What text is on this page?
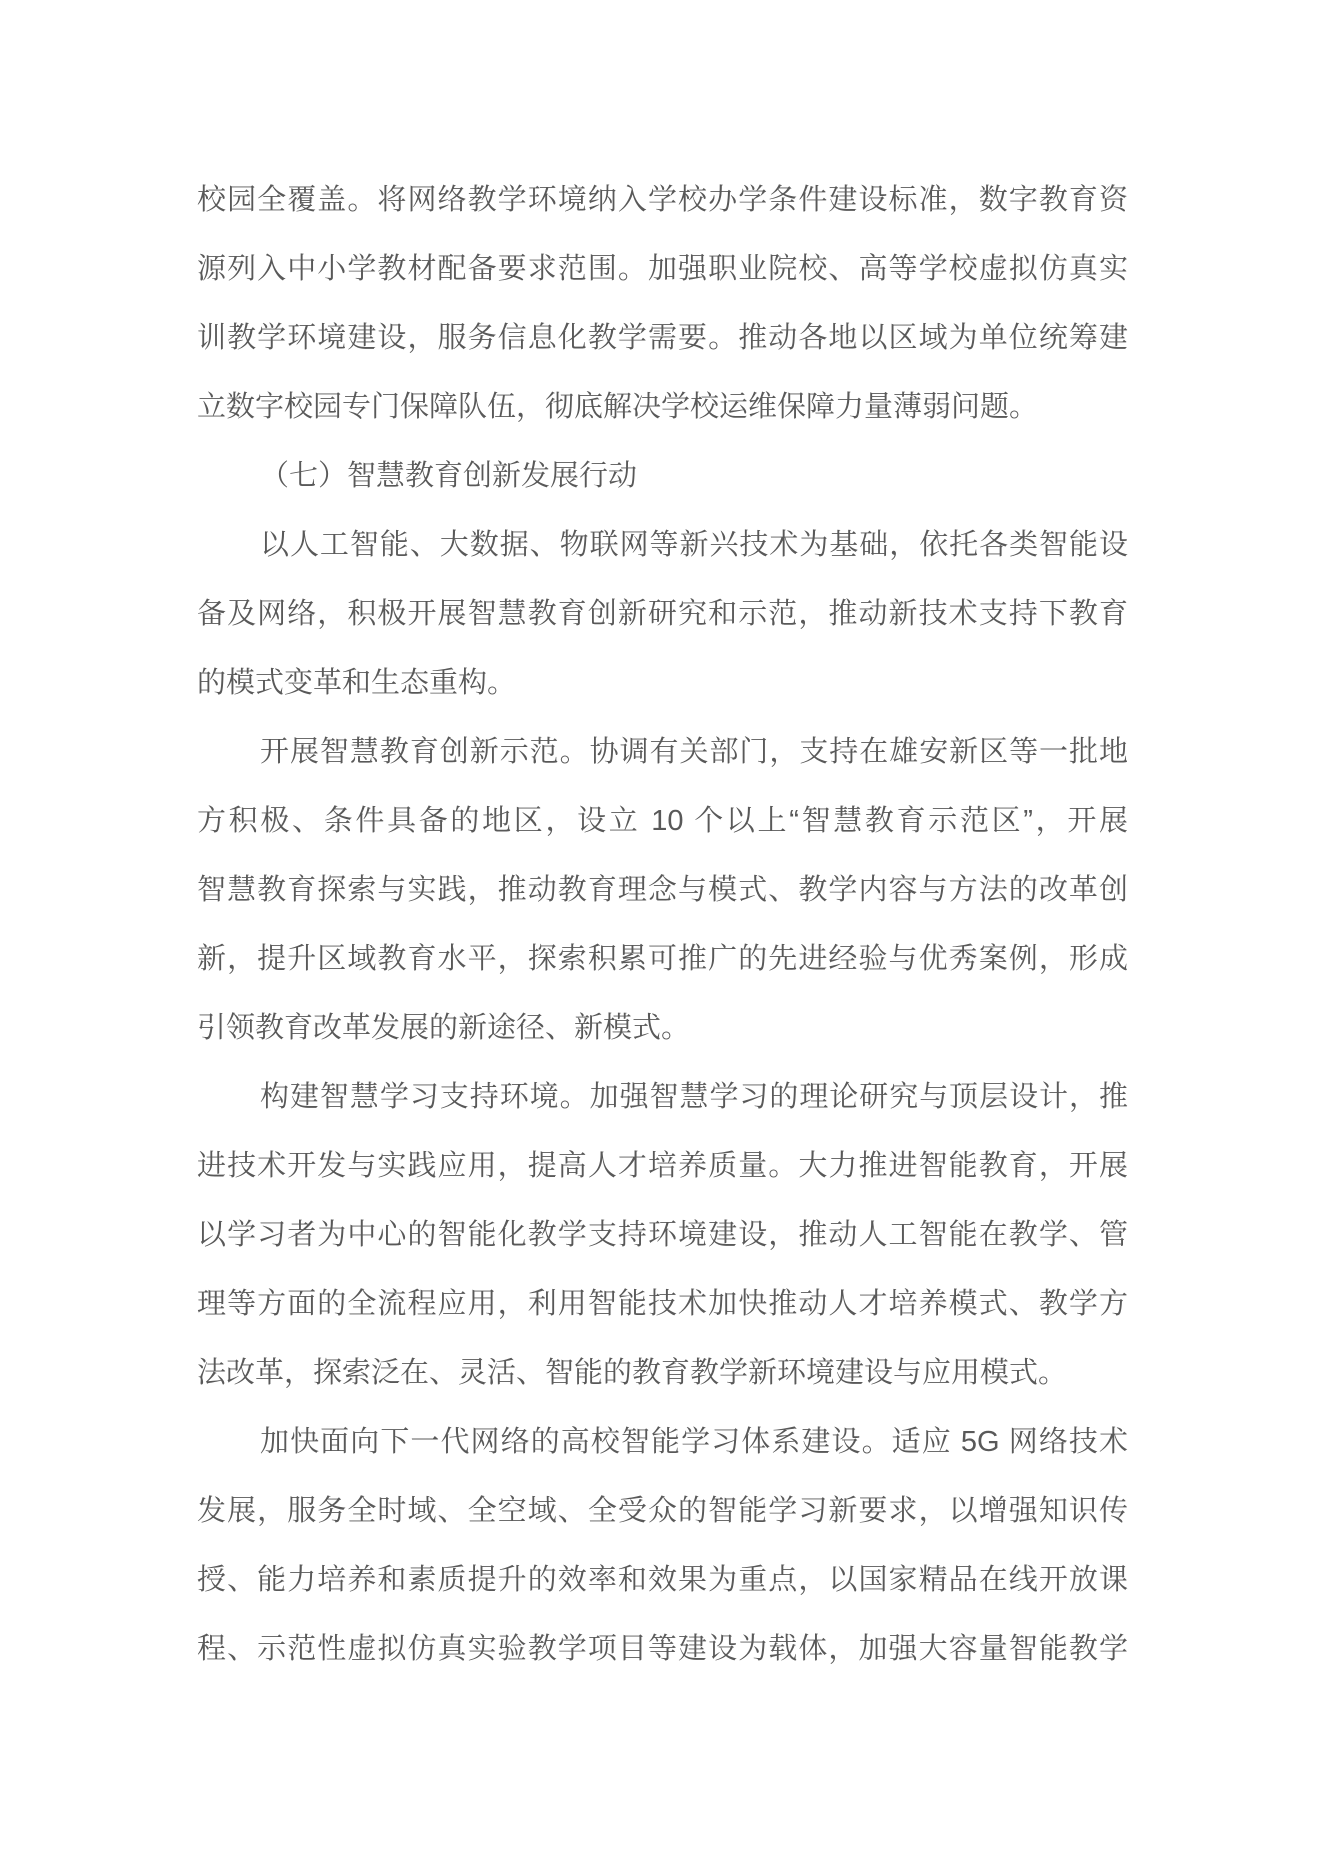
校园全覆盖。将网络教学环境纳入学校办学条件建设标准，数字教育资
源列入中小学教材配备要求范围。加强职业院校、高等学校虚拟仿真实
训教学环境建设，服务信息化教学需要。推动各地以区域为单位统筹建
立数字校园专门保障队伍，彻底解决学校运维保障力量薄弱问题。
（七）智慧教育创新发展行动
以人工智能、大数据、物联网等新兴技术为基础，依托各类智能设
备及网络，积极开展智慧教育创新研究和示范，推动新技术支持下教育
的模式变革和生态重构。
开展智慧教育创新示范。协调有关部门，支持在雄安新区等一批地
方积极、条件具备的地区，设立 10 个以上“智慧教育示范区”，开展
智慧教育探索与实践，推动教育理念与模式、教学内容与方法的改革创
新，提升区域教育水平，探索积累可推广的先进经验与优秀案例，形成
引领教育改革发展的新途径、新模式。
构建智慧学习支持环境。加强智慧学习的理论研究与顶层设计，推
进技术开发与实践应用，提高人才培养质量。大力推进智能教育，开展
以学习者为中心的智能化教学支持环境建设，推动人工智能在教学、管
理等方面的全流程应用，利用智能技术加快推动人才培养模式、教学方
法改革，探索泛在、灵活、智能的教育教学新环境建设与应用模式。
加快面向下一代网络的高校智能学习体系建设。适应 5G 网络技术
发展，服务全时域、全空域、全受众的智能学习新要求，以增强知识传
授、能力培养和素质提升的效率和效果为重点，以国家精品在线开放课
程、示范性虚拟仿真实验教学项目等建设为载体，加强大容量智能教学
